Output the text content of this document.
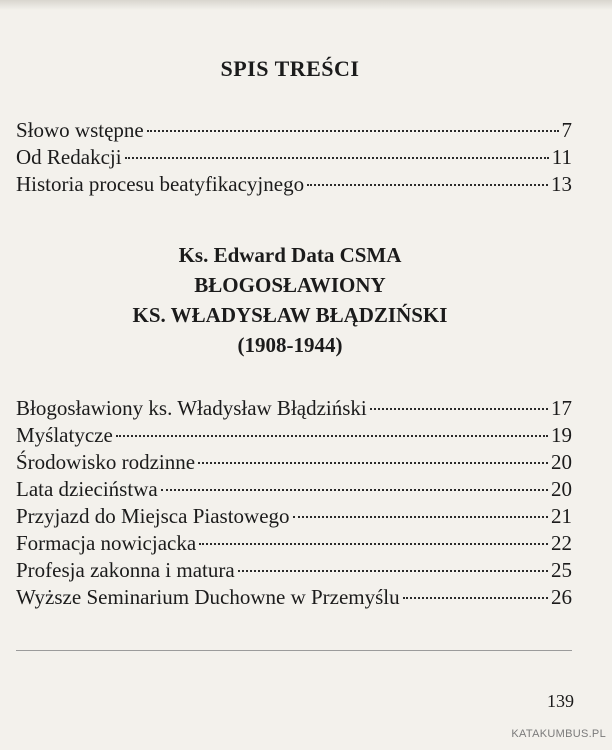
SPIS TREŚCI
Słowo wstępne	7
Od Redakcji	11
Historia procesu beatyfikacyjnego	13
Ks. Edward Data CSMA
BŁOGOSŁAWIONY
KS. WŁADYSŁAW BŁĄDZIŃSKI
(1908-1944)
Błogosławiony ks. Władysław Błądziński	17
Myślatycze	19
Środowisko rodzinne	20
Lata dzieciństwa	20
Przyjazd do Miejsca Piastowego	21
Formacja nowicjacka	22
Profesja zakonna i matura	25
Wyższe Seminarium Duchowne w Przemyślu	26
139
KATAKUMBUS.PL
